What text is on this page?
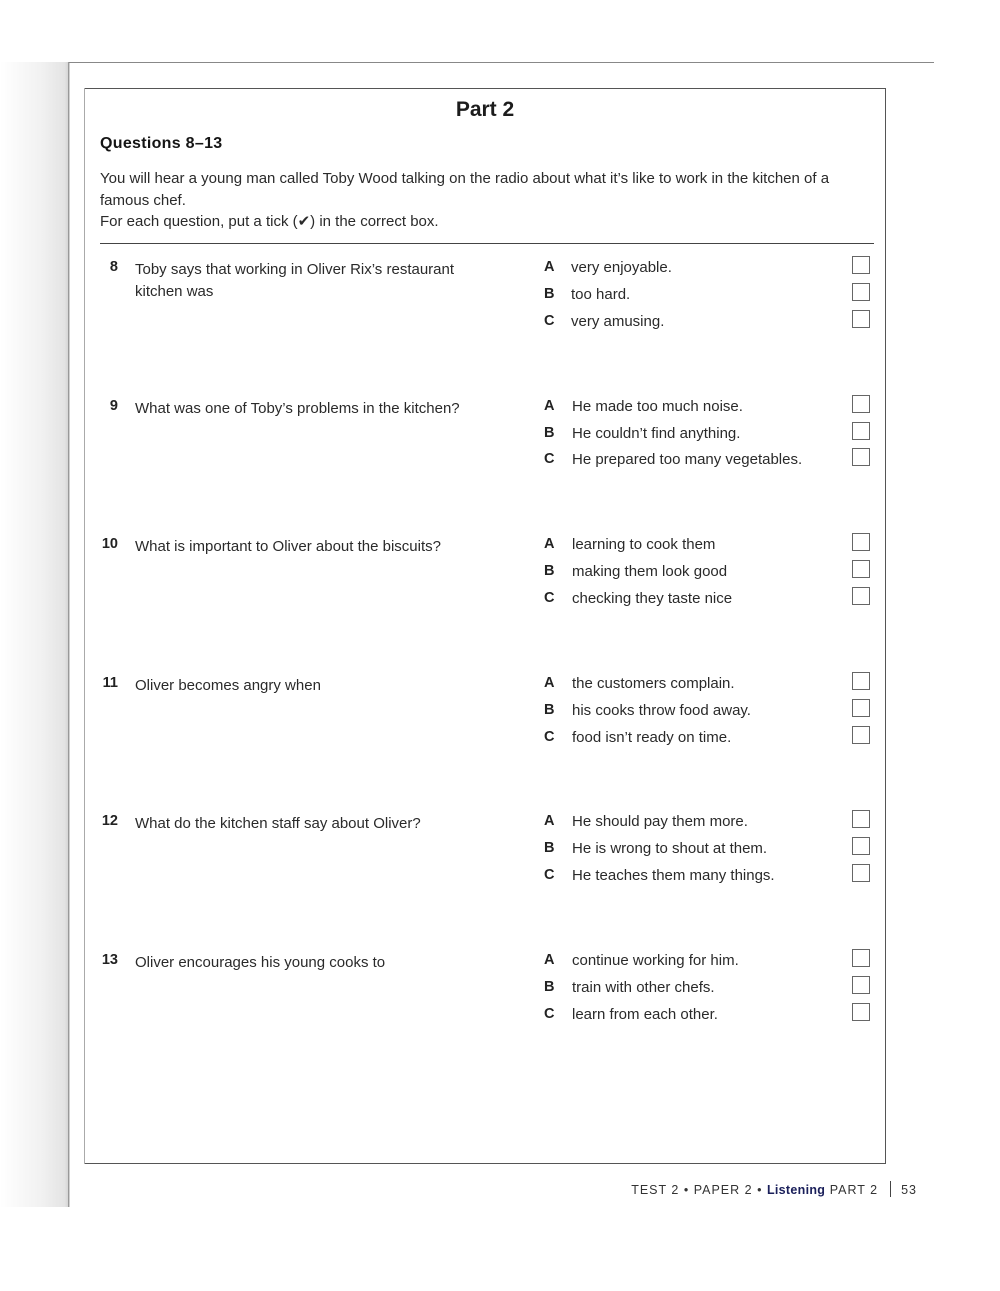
Part 2
Questions 8–13

You will hear a young man called Toby Wood talking on the radio about what it’s like to work in the kitchen of a famous chef.

For each question, put a tick (✔) in the correct box.

8 Toby says that working in Oliver Rix’s restaurant kitchen was
A very enjoyable.
B too hard.
C very amusing.
9 What was one of Toby’s problems in the kitchen?	A He made too much noise.
B He couldn’t find anything.
C He prepared too many vegetables.
10 What is important to Oliver about the biscuits?	A learning to cook them
B making them look good
C checking they taste nice
11 Oliver becomes angry when	A the customers complain.
B his cooks throw food away.
C food isn’t ready on time.
12 What do the kitchen staff say about Oliver?	A He should pay them more.
B He is wrong to shout at them.
C He teaches them many things.
13 Oliver encourages his young cooks to	A continue working for him.
B train with other chefs.
C learn from each other.
TEST 2 • PAPER 2 • Listening PART 2 53
